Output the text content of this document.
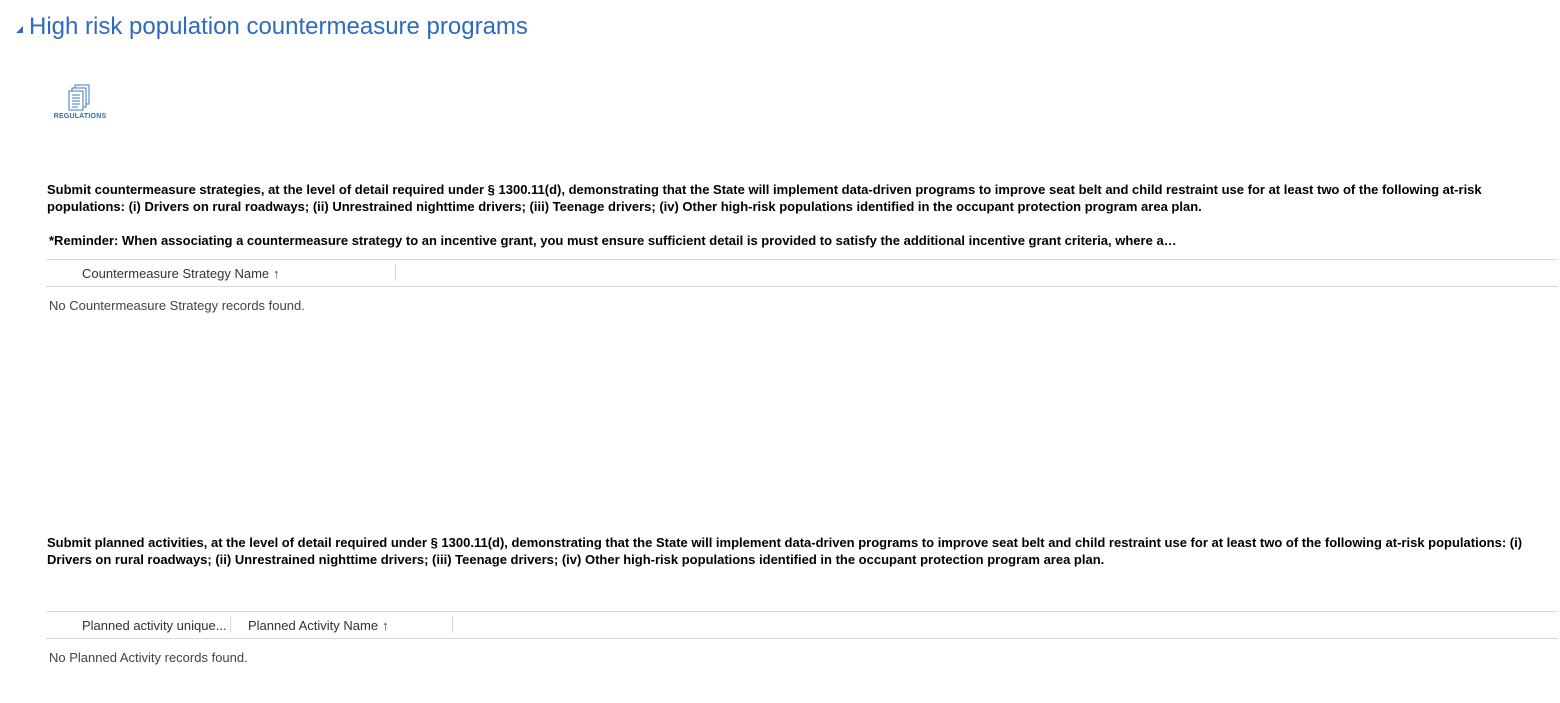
High risk population countermeasure programs
REGULATIONS
Submit countermeasure strategies, at the level of detail required under § 1300.11(d), demonstrating that the State will implement data-driven programs to improve seat belt and child restraint use for at least two of the following at-risk populations: (i) Drivers on rural roadways; (ii) Unrestrained nighttime drivers; (iii) Teenage drivers; (iv) Other high-risk populations identified in the occupant protection program area plan.
*Reminder: When associating a countermeasure strategy to an incentive grant, you must ensure sufficient detail is provided to satisfy the additional incentive grant criteria, where a…
Countermeasure Strategy Name ↑
No Countermeasure Strategy records found.
Submit planned activities, at the level of detail required under § 1300.11(d), demonstrating that the State will implement data-driven programs to improve seat belt and child restraint use for at least two of the following at-risk populations: (i) Drivers on rural roadways; (ii) Unrestrained nighttime drivers; (iii) Teenage drivers; (iv) Other high-risk populations identified in the occupant protection program area plan.
Planned activity unique... Planned Activity Name ↑
No Planned Activity records found.
